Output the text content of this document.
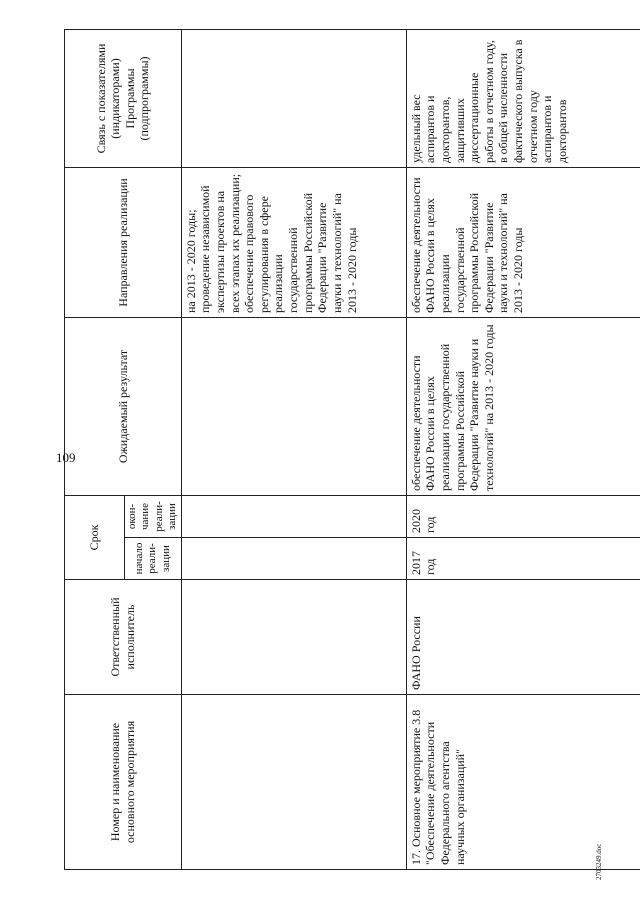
109
Номер и наименование основного мероприятия	Ответственный исполнитель	Срок		Ожидаемый результат	Направления реализации	Связь с показателями (индикаторами) Программы (подпрограммы)
		начало реали-зации	окон-чание реали-зации			
					на 2013 - 2020 годы; проведение независимой экспертизы проектов на всех этапах их реализации; обеспечение правового регулирования в сфере реализации государственной программы Российской Федерации "Развитие науки и технологий" на 2013 - 2020 годы	
17. Основное мероприятие 3.8 "Обеспечение деятельности Федерального агентства научных организаций"	ФАНО России	2017 год	2020 год	обеспечение деятельности ФАНО России в целях реализации государственной программы Российской Федерации "Развитие науки и технологий" на 2013 - 2020 годы	обеспечение деятельности ФАНО России в целях реализации государственной программы Российской Федерации "Развитие науки и технологий" на 2013 - 2020 годы	удельный вес аспирантов и докторантов, защитивших диссертационные работы в отчетном году, в общей численности фактического выпуска в отчетном году аспирантов и докторантов
2703249.doc
